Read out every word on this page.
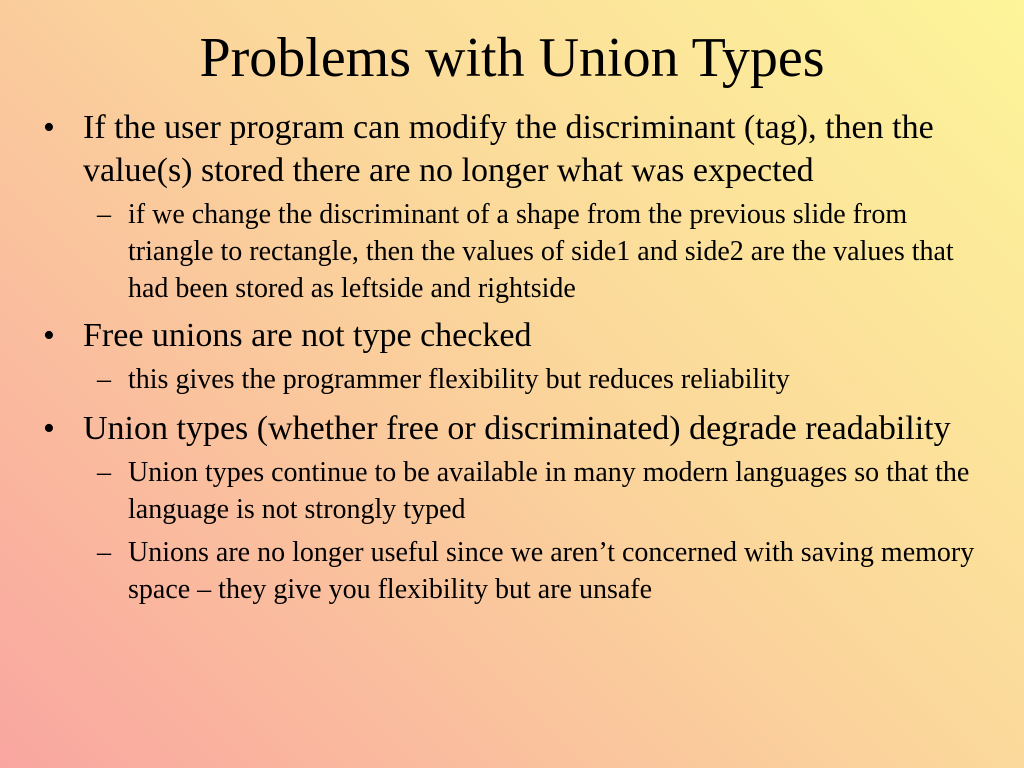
Problems with Union Types
• If the user program can modify the discriminant (tag), then the value(s) stored there are no longer what was expected
– if we change the discriminant of a shape from the previous slide from triangle to rectangle, then the values of side1 and side2 are the values that had been stored as leftside and rightside
• Free unions are not type checked
– this gives the programmer flexibility but reduces reliability
• Union types (whether free or discriminated) degrade readability
– Union types continue to be available in many modern languages so that the language is not strongly typed
– Unions are no longer useful since we aren’t concerned with saving memory space – they give you flexibility but are unsafe
